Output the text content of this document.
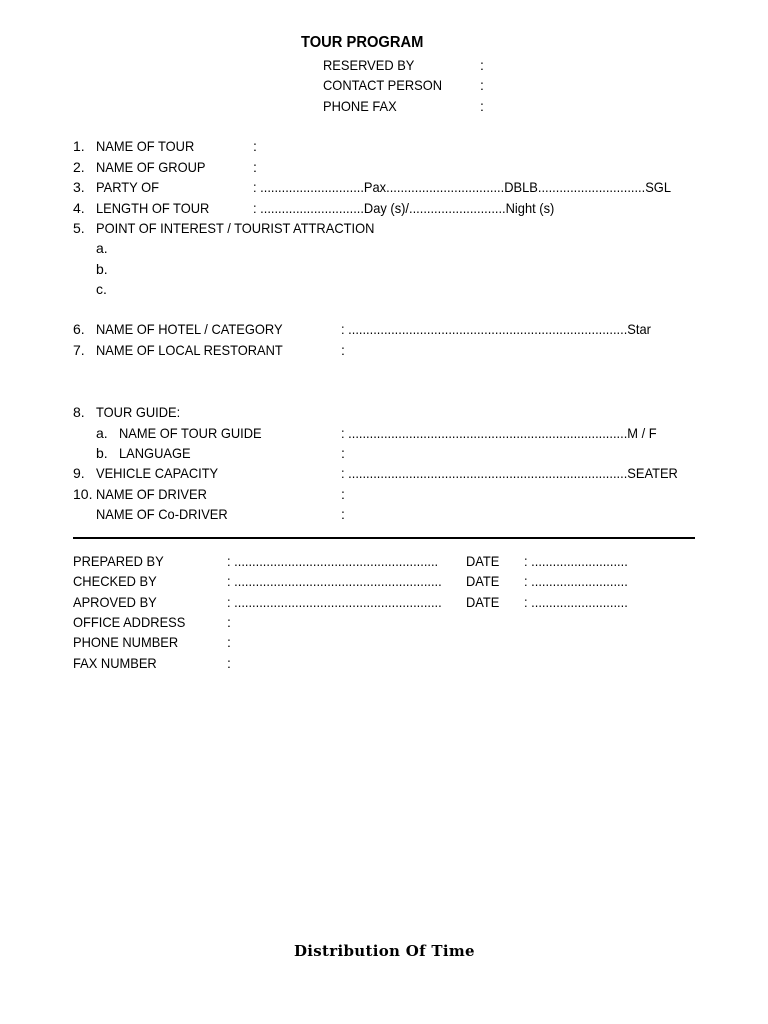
TOUR PROGRAM
RESERVED BY	:
CONTACT PERSON	:
PHONE FAX	:
1. NAME OF TOUR	:
2. NAME OF GROUP	:
3. PARTY OF	: .............................Pax.................................DBLB..............................SGL
4. LENGTH OF TOUR	: .............................Day (s)/...........................Night (s)
5. POINT OF INTEREST / TOURIST ATTRACTION
a.
b.
c.
6. NAME OF HOTEL / CATEGORY	: ..............................................................................Star
7. NAME OF LOCAL RESTORANT	:
8. TOUR GUIDE:
a. NAME OF TOUR GUIDE	: ..............................................................................M / F
b. LANGUAGE	:
9. VEHICLE CAPACITY	: ..............................................................................SEATER
10. NAME OF DRIVER	:
NAME OF Co-DRIVER	:
PREPARED BY	: .........................................................	DATE : ...........................
CHECKED BY	: ..........................................................	DATE : ...........................
APROVED BY	: ..........................................................	DATE : ...........................
OFFICE ADDRESS	:
PHONE NUMBER	:
FAX NUMBER	:
Distribution Of Time
